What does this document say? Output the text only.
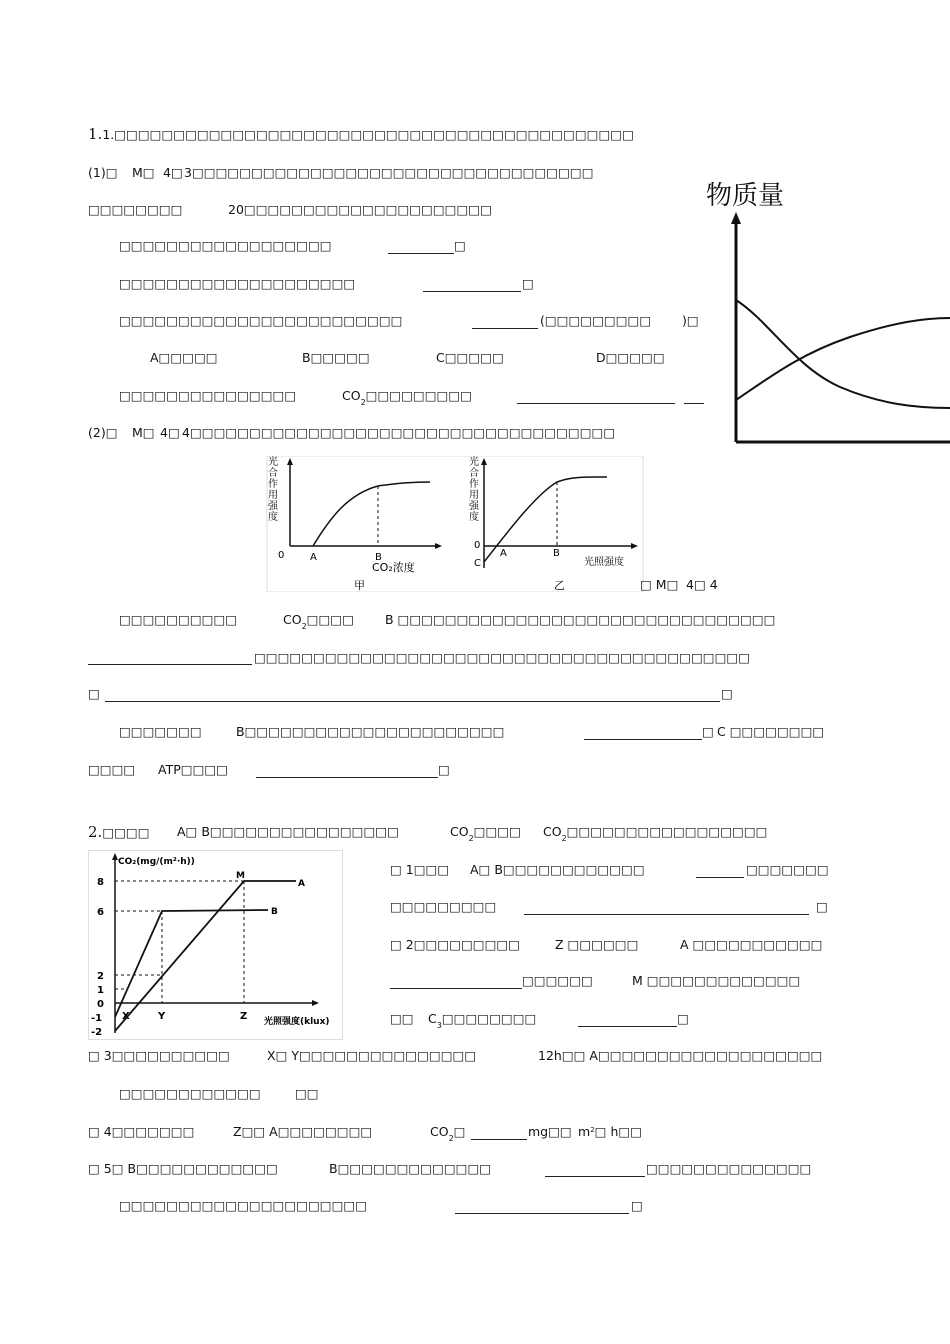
1.1.□□□□□□□□□□□□□□□□□□□□□□□□□□□□□□□□□□□□□□□□□□□□
(1)□ M□ 4□ 3□□□□□□□□□□□□□□□□□□□□□□□□□□□□□□□□□□
□□□□□□□□	20□□□□□□□□□□□□□□□□□□□□□
□□□□□□□□□□□□□□□□□□	□
□□□□□□□□□□□□□□□□□□□□	□
□□□□□□□□□□□□□□□□□□□□□□□□	(□□□□□□□□□ )□
A□□□□□	B□□□□□	C□□□□□	D□□□□□
□□□□□□□□□□□□□□□	$CO_2□□□□□□□□□$
(2)□ M□ 4□ 4□□□□□□□□□□□□□□□□□□□□□□□□□□□□□□□□□□□□
物质量
光
合
作
用
强
度
0	A	B
CO₂浓度
甲
光
合
作
用
强
度
0
C
A	B
光照强度
乙	□ M□ 4□ 4
□□□□□□□□□□	$CO_2□□□□$ B □□□□□□□□□□□□□□□□□□□□□□□□□□□□□□□□
□□□□□□□□□□□□□□□□□□□□□□□□□□□□□□□□□□□□□□□□□□
□	□
□□□□□□□	B□□□□□□□□□□□□□□□□□□□□□□	□ C □□□□□□□□
□□□□ ATP□□□□	□
2.□□□□ A□ B□□□□□□□□□□□□□□□□	$CO_2□□□□$ $CO_2□□□□□□□□□□□□□□□□□$
CO₂(mg/(m²·h))
8
6
2
1
0
-1
-2
X	Y	Z 光照强度(klux)
A
B
M	□ 1□□□ A□ B□□□□□□□□□□□□	□□□□□□□
□□□□□□□□□	□
□ 2□□□□□□□□□	Z □□□□□□	A □□□□□□□□□□□
□□□□□□	M □□□□□□□□□□□□□
□□ $C_3□□□□□□□□$	□
□ 3□□□□□□□□□□	X□ Y□□□□□□□□□□□□□□□	12h□□ A□□□□□□□□□□□□□□□□□□□
□□□□□□□□□□□□	□□
□ 4□□□□□□□	Z□□ A□□□□□□□□	$CO_2□$	mg□□ $m^2□$ h□□
□ 5□ B□□□□□□□□□□□□	B□□□□□□□□□□□□□	□□□□□□□□□□□□□□
□□□□□□□□□□□□□□□□□□□□□	□
